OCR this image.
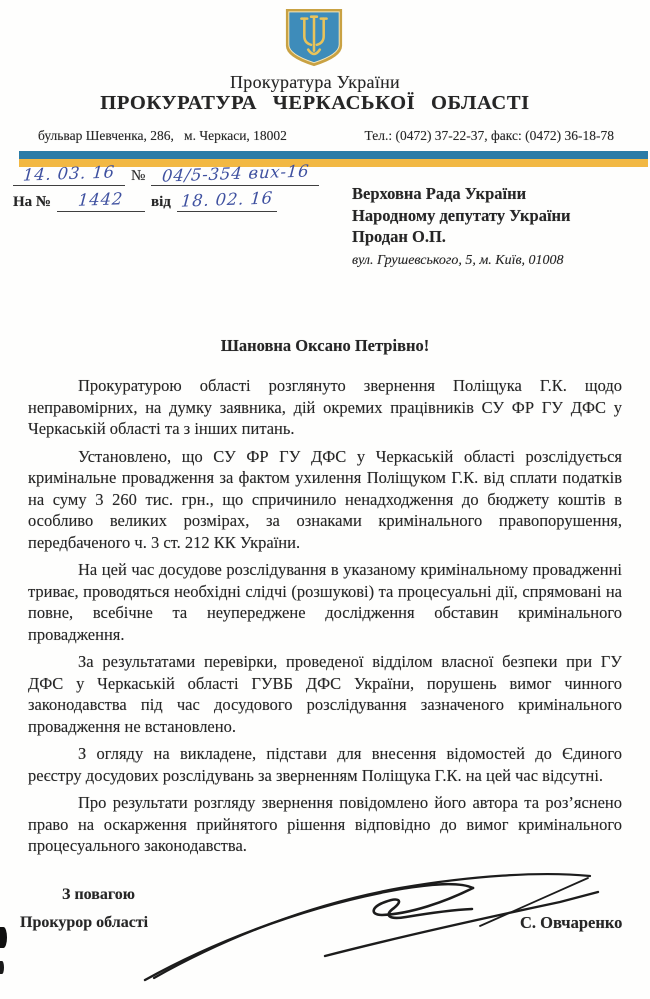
Прокуратура України
ПРОКУРАТУРА ЧЕРКАСЬКОЇ ОБЛАСТІ
бульвар Шевченка, 286,   м. Черкаси, 18002	Тел.: (0472) 37-22-37, факс: (0472) 36-18-78
14. 03. 16	№ 04/5-354 вих-16
На №	1442	від 18. 02. 16	Верховна Рада України
Народному депутату України
Продан О.П.
вул. Грушевського, 5, м. Київ, 01008
Шановна Оксано Петрівно!

Прокуратурою області розглянуто звернення Поліщука Г.К. щодо неправомірних, на думку заявника, дій окремих працівників СУ ФР ГУ ДФС у Черкаській області та з інших питань.

Установлено, що СУ ФР ГУ ДФС у Черкаській області розслідується кримінальне провадження за фактом ухилення Поліщуком Г.К. від сплати податків на суму 3 260 тис. грн., що спричинило ненадходження до бюджету коштів в особливо великих розмірах, за ознаками кримінального правопорушення, передбаченого ч. 3 ст. 212 КК України.

На цей час досудове розслідування в указаному кримінальному провадженні триває, проводяться необхідні слідчі (розшукові) та процесуальні дії, спрямовані на повне, всебічне та неупереджене дослідження обставин кримінального провадження.

За результатами перевірки, проведеної відділом власної безпеки при ГУ ДФС у Черкаській області ГУВБ ДФС України, порушень вимог чинного законодавства під час досудового розслідування зазначеного кримінального провадження не встановлено.

З огляду на викладене, підстави для внесення відомостей до Єдиного реєстру досудових розслідувань за зверненням Поліщука Г.К. на цей час відсутні.

Про результати розгляду звернення повідомлено його автора та роз’яснено право на оскарження прийнятого рішення відповідно до вимог кримінального процесуального законодавства.

З повагою
Прокурор області	С. Овчаренко
